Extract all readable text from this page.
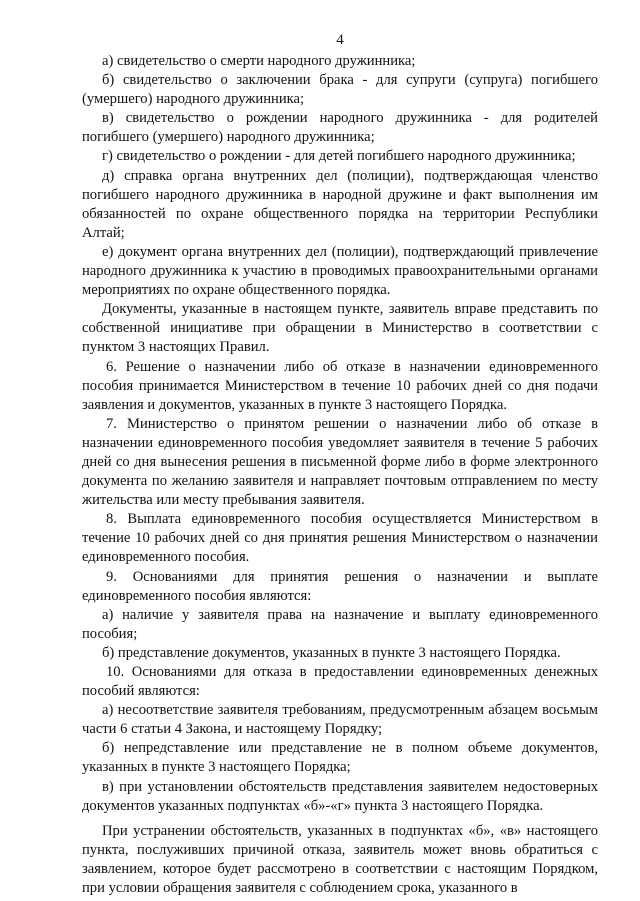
4

а) свидетельство о смерти народного дружинника;

б) свидетельство о заключении брака - для супруги (супруга) погибшего (умершего) народного дружинника;

в) свидетельство о рождении народного дружинника - для родителей погибшего (умершего) народного дружинника;

г) свидетельство о рождении - для детей погибшего народного дружинника;

д) справка органа внутренних дел (полиции), подтверждающая членство погибшего народного дружинника в народной дружине и факт выполнения им обязанностей по охране общественного порядка на территории Республики Алтай;

е) документ органа внутренних дел (полиции), подтверждающий привлечение народного дружинника к участию в проводимых правоохранительными органами мероприятиях по охране общественного порядка.

Документы, указанные в настоящем пункте, заявитель вправе представить по собственной инициативе при обращении в Министерство в соответствии с пунктом 3 настоящих Правил.

6. Решение о назначении либо об отказе в назначении единовременного пособия принимается Министерством в течение 10 рабочих дней со дня подачи заявления и документов, указанных в пункте 3 настоящего Порядка.

7. Министерство о принятом решении о назначении либо об отказе в назначении единовременного пособия уведомляет заявителя в течение 5 рабочих дней со дня вынесения решения в письменной форме либо в форме электронного документа по желанию заявителя и направляет почтовым отправлением по месту жительства или месту пребывания заявителя.

8. Выплата единовременного пособия осуществляется Министерством в течение 10 рабочих дней со дня принятия решения Министерством о назначении единовременного пособия.

9. Основаниями для принятия решения о назначении и выплате единовременного пособия являются:

а) наличие у заявителя права на назначение и выплату единовременного пособия;

б) представление документов, указанных в пункте 3 настоящего Порядка.

10. Основаниями для отказа в предоставлении единовременных денежных пособий являются:

а) несоответствие заявителя требованиям, предусмотренным абзацем восьмым части 6 статьи 4 Закона, и настоящему Порядку;

б) непредставление или представление не в полном объеме документов, указанных в пункте 3 настоящего Порядка;

в) при установлении обстоятельств представления заявителем недостоверных документов указанных подпунктах «б»-«г» пункта 3 настоящего Порядка.

При устранении обстоятельств, указанных в подпунктах «б», «в» настоящего пункта, послуживших причиной отказа, заявитель может вновь обратиться с заявлением, которое будет рассмотрено в соответствии с настоящим Порядком, при условии обращения заявителя с соблюдением срока, указанного в
